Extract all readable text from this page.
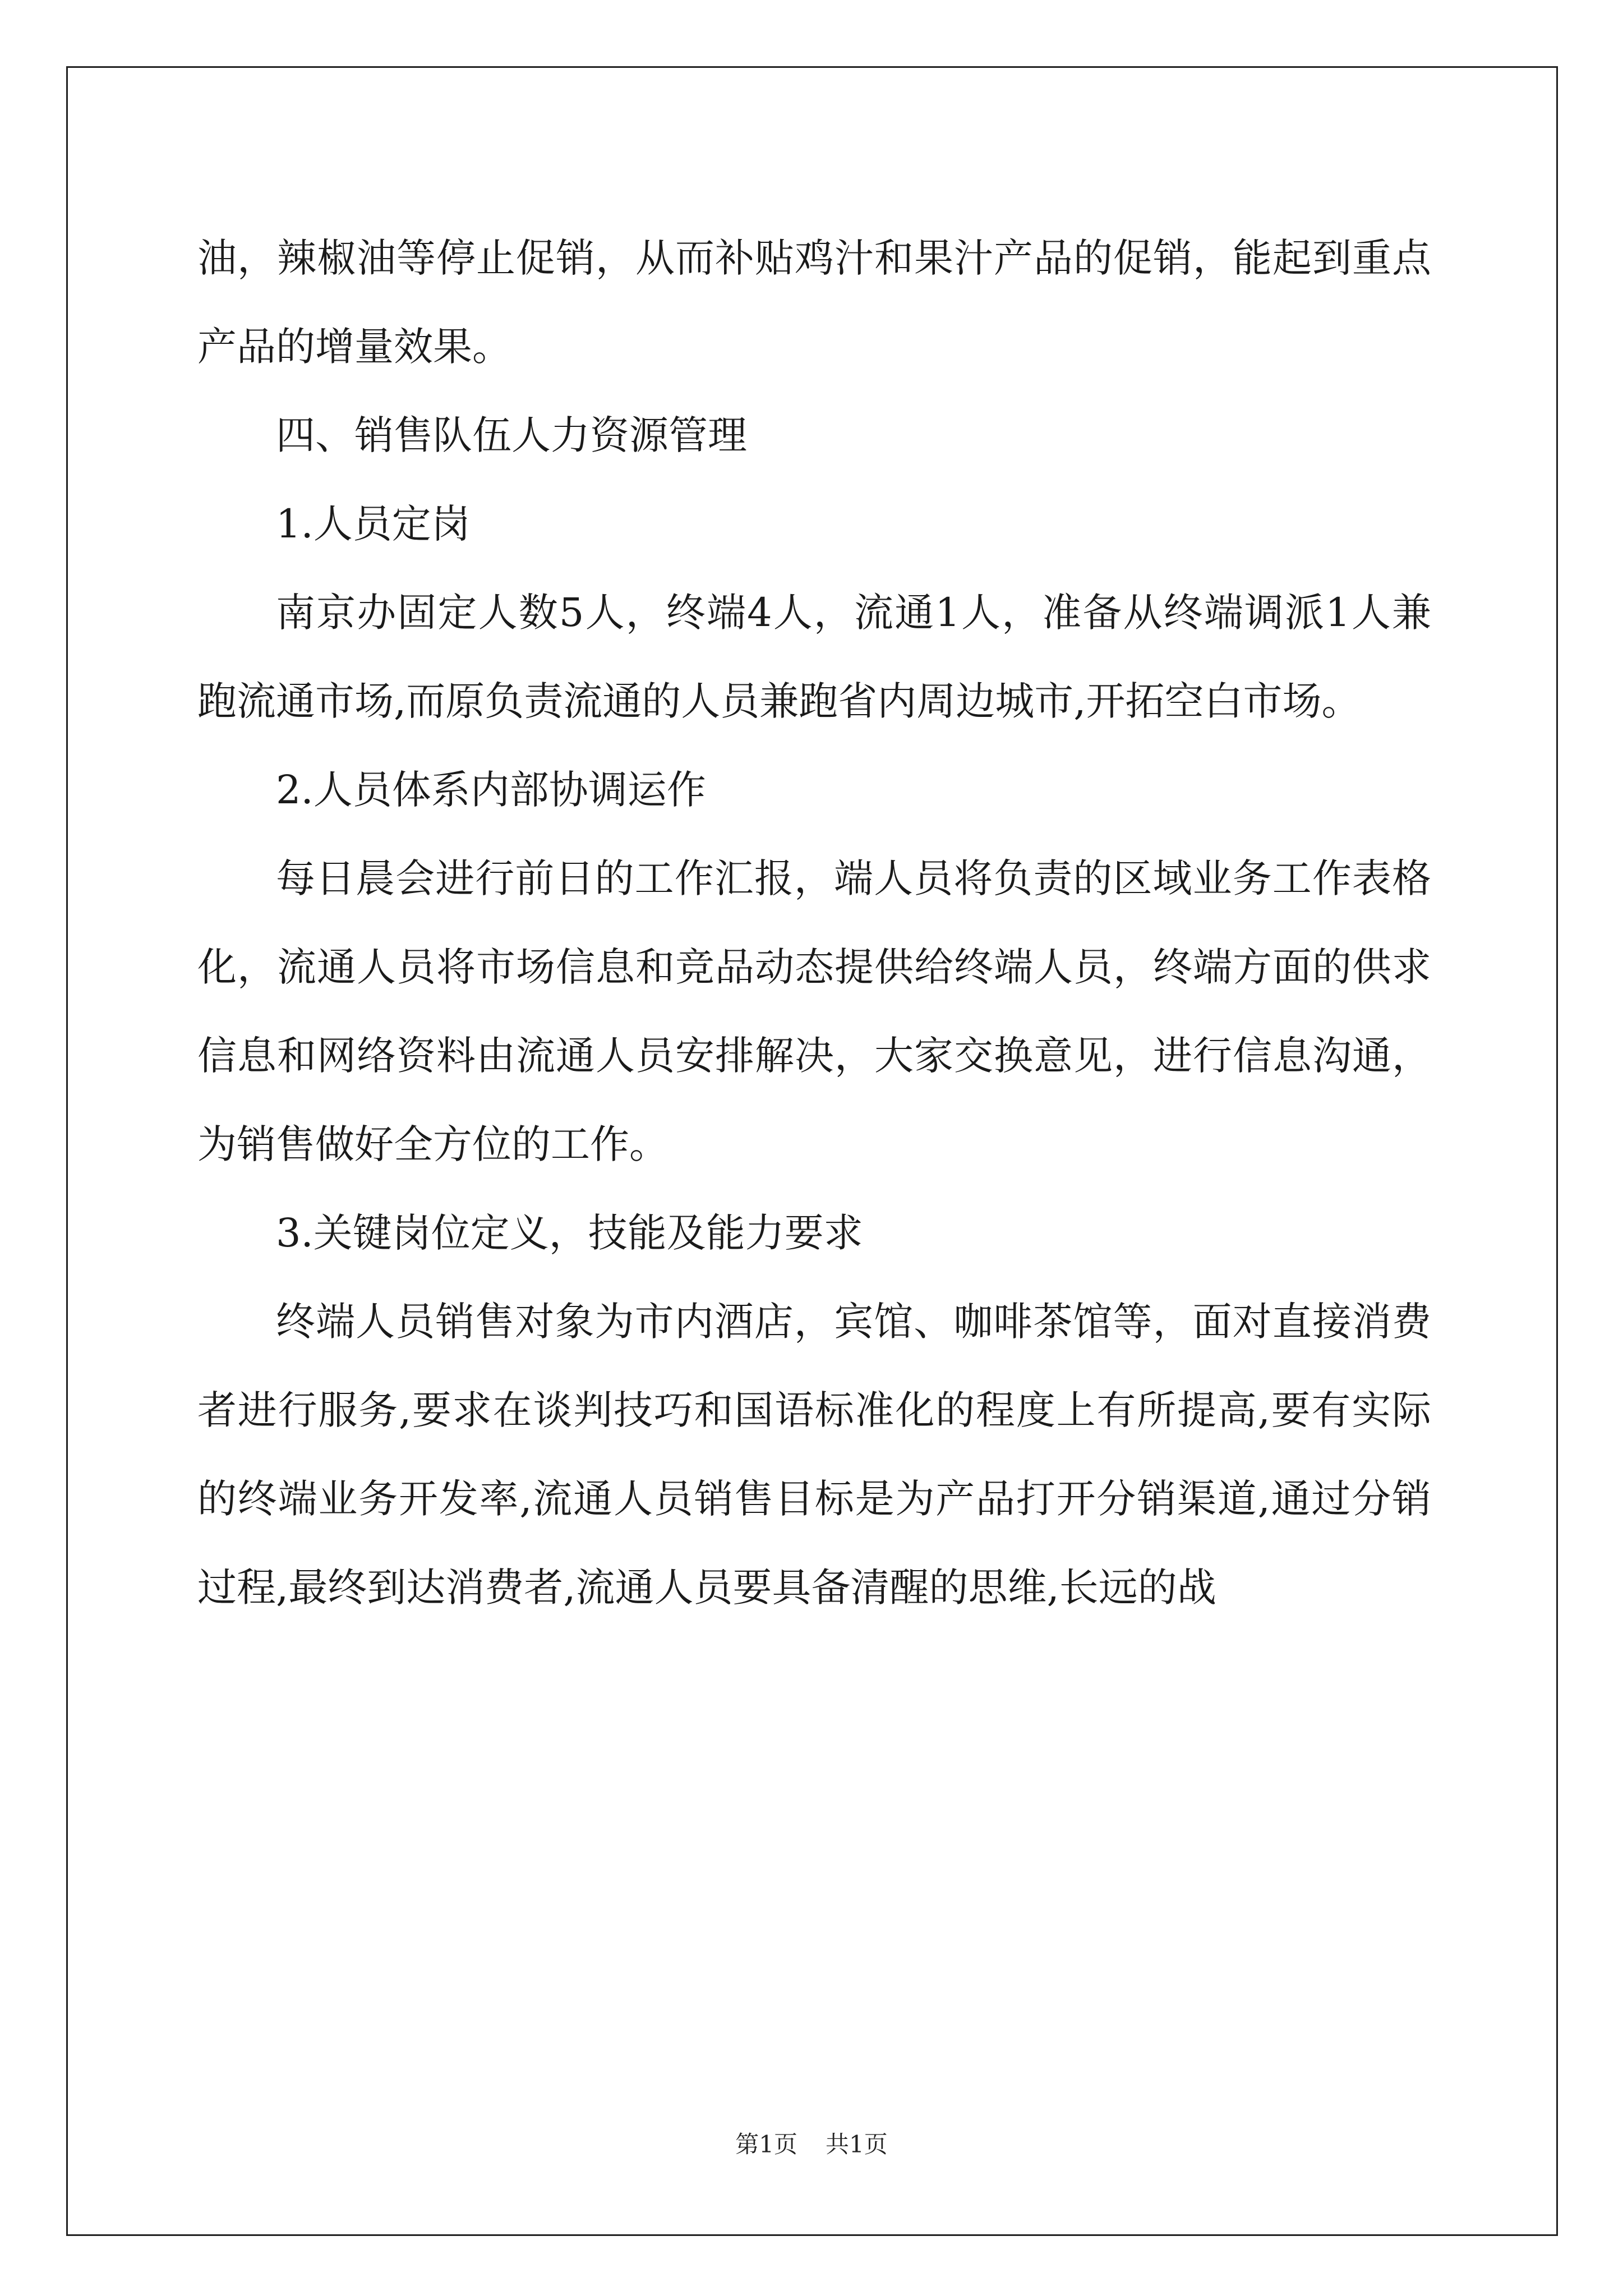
油，辣椒油等停止促销，从而补贴鸡汁和果汁产品的促销，能起到重点产品的增量效果。

四、销售队伍人力资源管理

1.人员定岗

南京办固定人数5人，终端4人，流通1人，准备从终端调派1人兼跑流通市场,而原负责流通的人员兼跑省内周边城市,开拓空白市场。

2.人员体系内部协调运作

每日晨会进行前日的工作汇报，端人员将负责的区域业务工作表格化，流通人员将市场信息和竞品动态提供给终端人员，终端方面的供求信息和网络资料由流通人员安排解决，大家交换意见，进行信息沟通，为销售做好全方位的工作。

3.关键岗位定义，技能及能力要求

终端人员销售对象为市内酒店，宾馆、咖啡茶馆等，面对直接消费者进行服务,要求在谈判技巧和国语标准化的程度上有所提高,要有实际的终端业务开发率,流通人员销售目标是为产品打开分销渠道,通过分销过程,最终到达消费者,流通人员要具备清醒的思维,长远的战

第1页 共1页
